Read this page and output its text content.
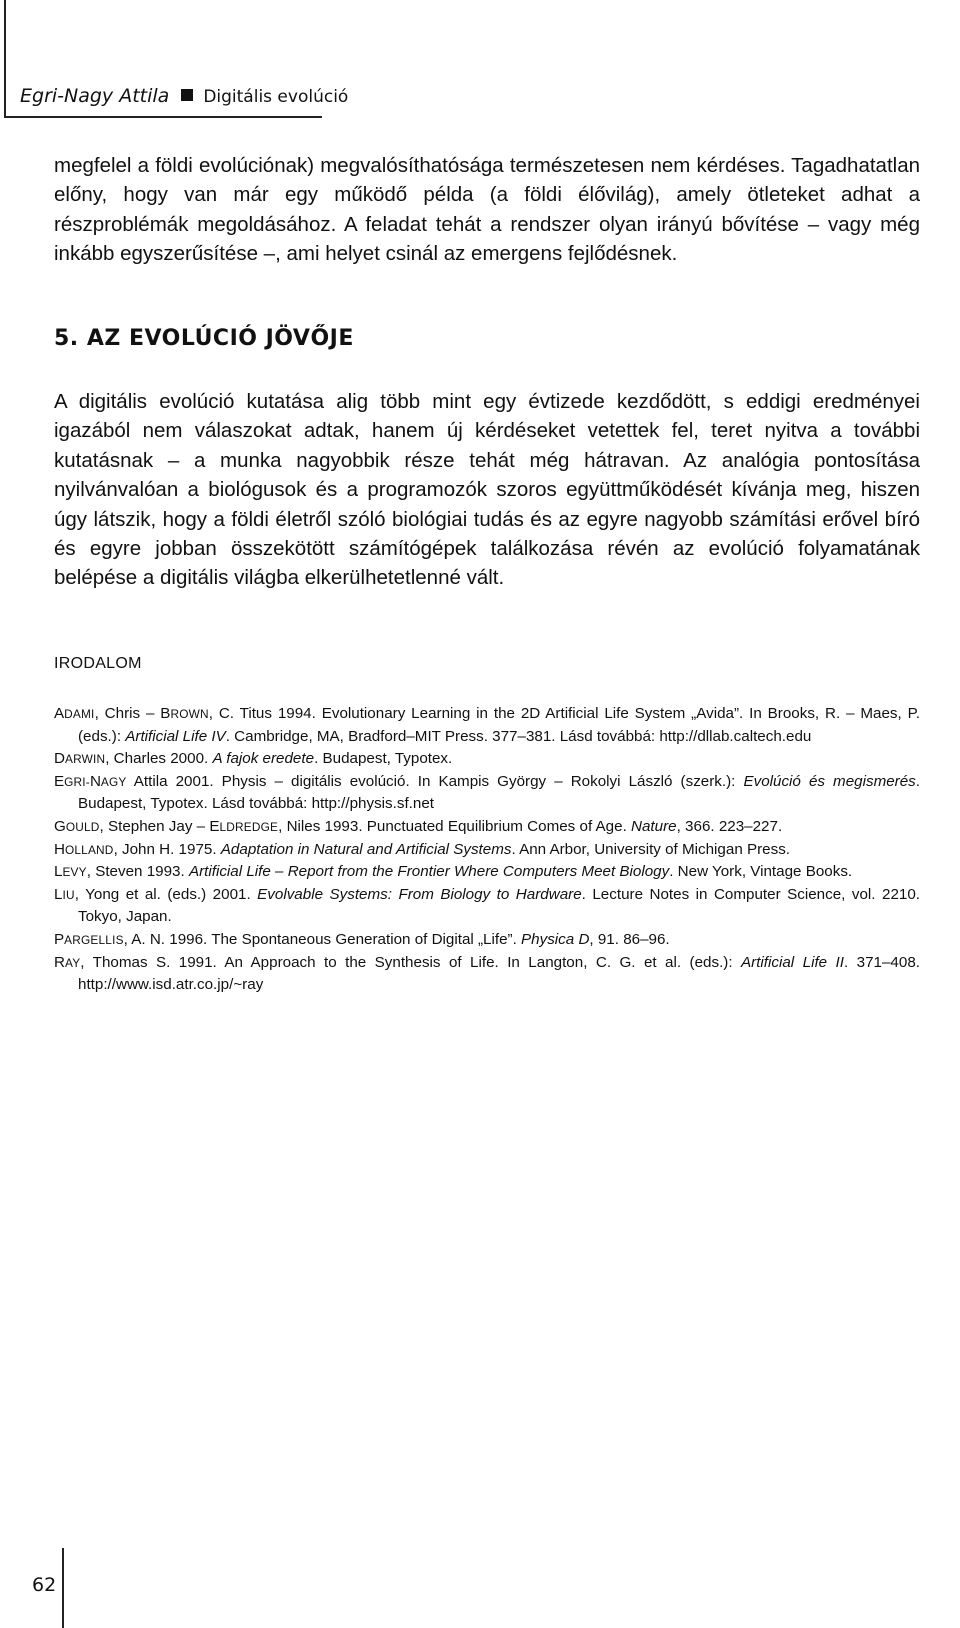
Egri-Nagy Attila Digitális evolúció
megfelel a földi evolúciónak) megvalósíthatósága természetesen nem kérdéses. Tagadhatatlan előny, hogy van már egy működő példa (a földi élővilág), amely ötleteket adhat a részproblémák megoldásához. A feladat tehát a rendszer olyan irányú bővítése – vagy még inkább egyszerűsítése –, ami helyet csinál az emergens fejlődésnek.
5. AZ EVOLÚCIÓ JÖVŐJE
A digitális evolúció kutatása alig több mint egy évtizede kezdődött, s eddigi eredményei igazából nem válaszokat adtak, hanem új kérdéseket vetettek fel, teret nyitva a további kutatásnak – a munka nagyobbik része tehát még hátravan. Az analógia pontosítása nyilvánvalóan a biológusok és a programozók szoros együttműködését kívánja meg, hiszen úgy látszik, hogy a földi életről szóló biológiai tudás és az egyre nagyobb számítási erővel bíró és egyre jobban összekötött számítógépek találkozása révén az evolúció folyamatának belépése a digitális világba elkerülhetetlenné vált.
IRODALOM
ADAMI, Chris – BROWN, C. Titus 1994. Evolutionary Learning in the 2D Artificial Life System „Avida”. In Brooks, R. – Maes, P. (eds.): Artificial Life IV. Cambridge, MA, Bradford–MIT Press. 377–381. Lásd továbbá: http://dllab.caltech.edu
DARWIN, Charles 2000. A fajok eredete. Budapest, Typotex.
EGRI-NAGY Attila 2001. Physis – digitális evolúció. In Kampis György – Rokolyi László (szerk.): Evolúció és megismerés. Budapest, Typotex. Lásd továbbá: http://physis.sf.net
GOULD, Stephen Jay – ELDREDGE, Niles 1993. Punctuated Equilibrium Comes of Age. Nature, 366. 223–227.
HOLLAND, John H. 1975. Adaptation in Natural and Artificial Systems. Ann Arbor, University of Michigan Press.
LEVY, Steven 1993. Artificial Life – Report from the Frontier Where Computers Meet Biology. New York, Vintage Books.
LIU, Yong et al. (eds.) 2001. Evolvable Systems: From Biology to Hardware. Lecture Notes in Computer Science, vol. 2210. Tokyo, Japan.
PARGELLIS, A. N. 1996. The Spontaneous Generation of Digital „Life”. Physica D, 91. 86–96.
RAY, Thomas S. 1991. An Approach to the Synthesis of Life. In Langton, C. G. et al. (eds.): Artificial Life II. 371–408. http://www.isd.atr.co.jp/~ray
62
